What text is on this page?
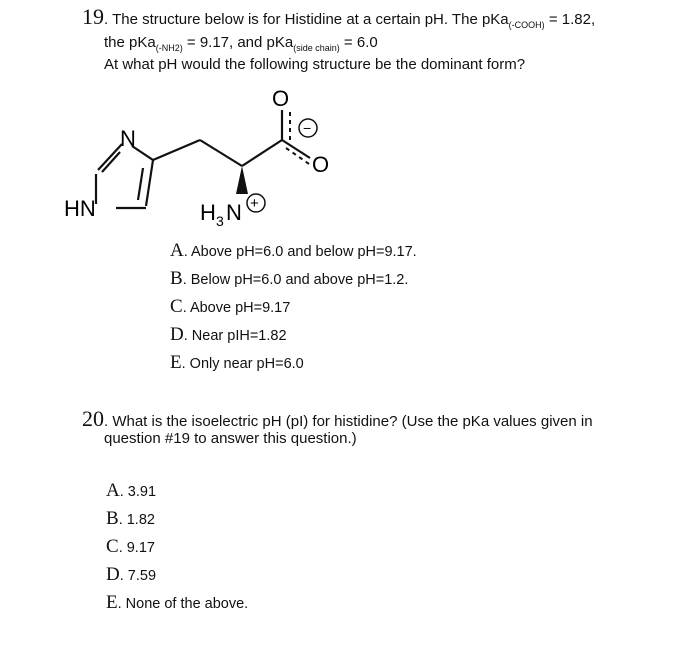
19. The structure below is for Histidine at a certain pH. The pKa$_{(-COOH)}$ = 1.82,
the pKa$_{(-NH2)}$ = 9.17, and pKa$_{(side chain)}$ = 6.0
At what pH would the following structure be the dominant form?
O
O
−
N
HN	H 3 N +
A. Above pH=6.0 and below pH=9.17.
B. Below pH=6.0 and above pH=1.2.
C. Above pH=9.17
D. Near pIH=1.82
E. Only near pH=6.0
20. What is the isoelectric pH (pI) for histidine? (Use the pKa values given in
question #19 to answer this question.)
A. 3.91
B. 1.82
C. 9.17
D. 7.59
E. None of the above.
